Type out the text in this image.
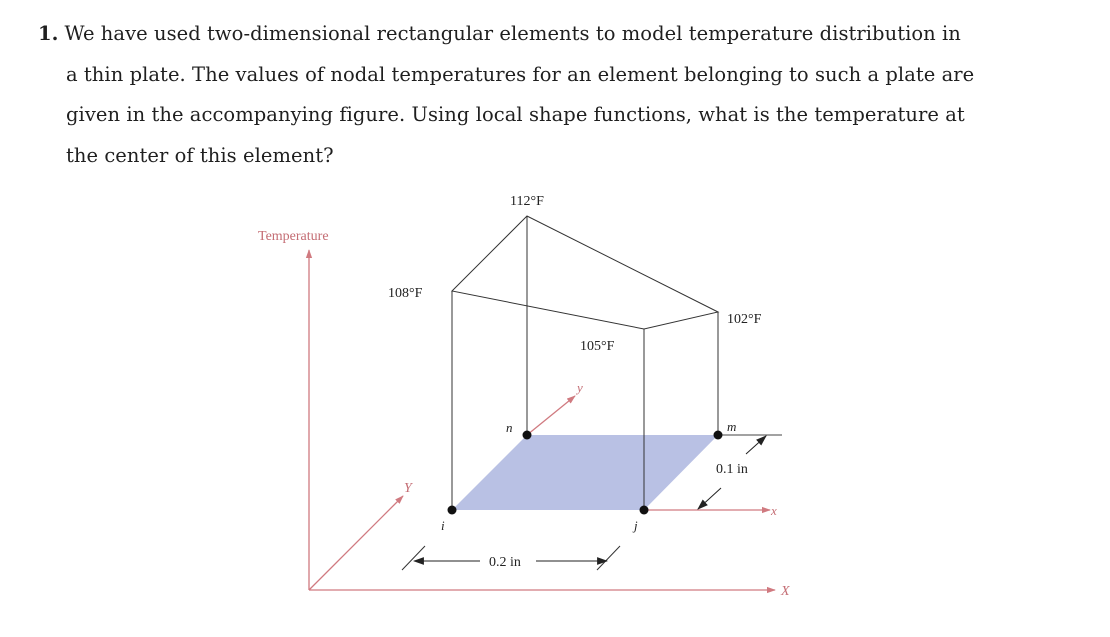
1. We have used two-dimensional rectangular elements to model temperature distribution in
a thin plate. The values of nodal temperatures for an element belonging to such a plate are
given in the accompanying figure. Using local shape functions, what is the temperature at
the center of this element?
Temperature
X
Y
x
y
i	j
m
n
108°F
112°F
102°F
105°F
0.2 in
0.1 in
